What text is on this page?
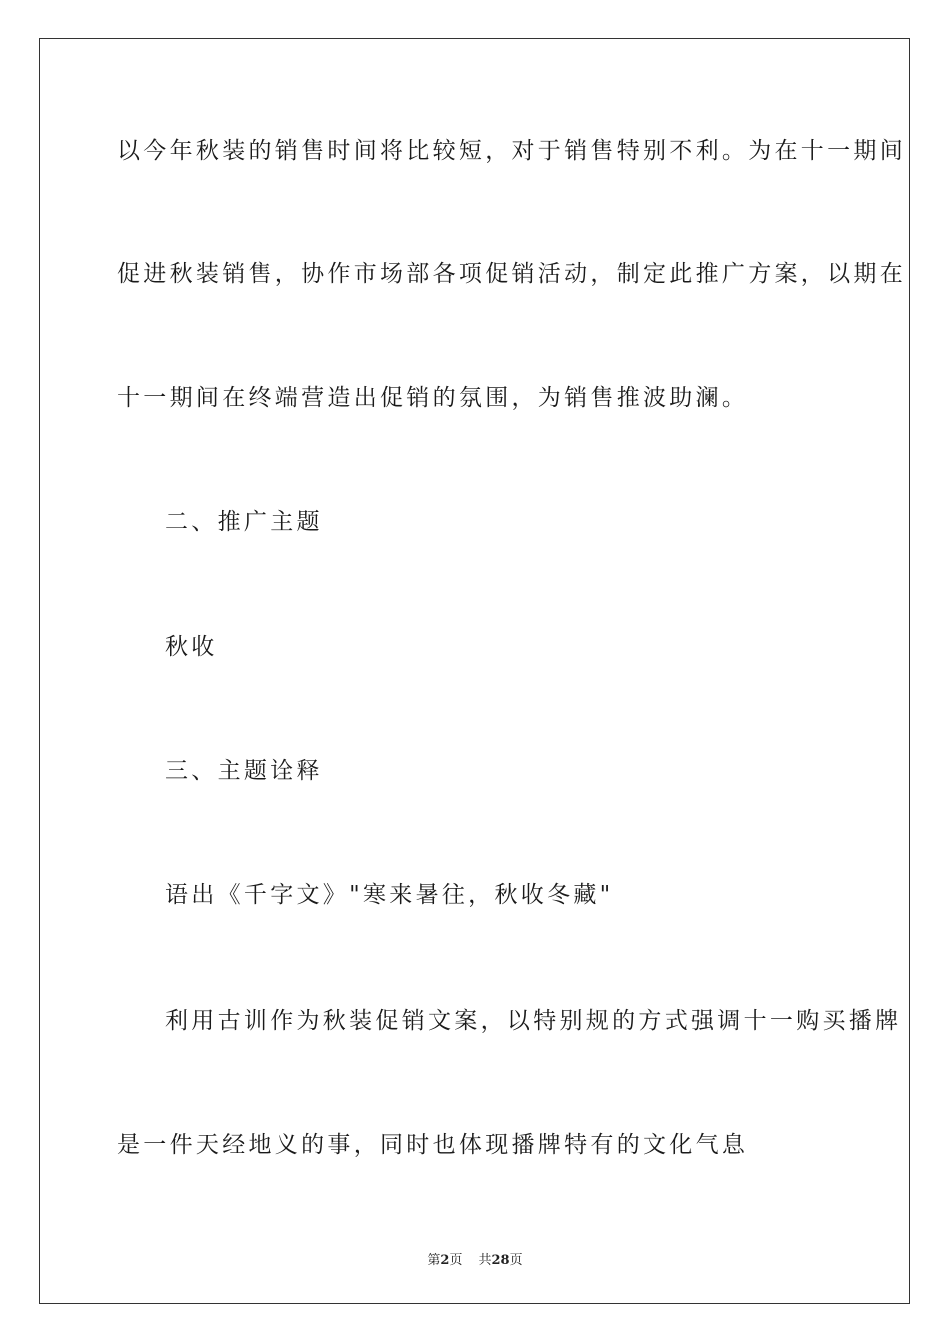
以今年秋装的销售时间将比较短，对于销售特别不利。为在十一期间
促进秋装销售，协作市场部各项促销活动，制定此推广方案，以期在
十一期间在终端营造出促销的氛围，为销售推波助澜。
二、推广主题
秋收
三、主题诠释
语出《千字文》"寒来暑往，秋收冬藏"
利用古训作为秋装促销文案，以特别规的方式强调十一购买播牌
是一件天经地义的事，同时也体现播牌特有的文化气息
第2页 共28页
